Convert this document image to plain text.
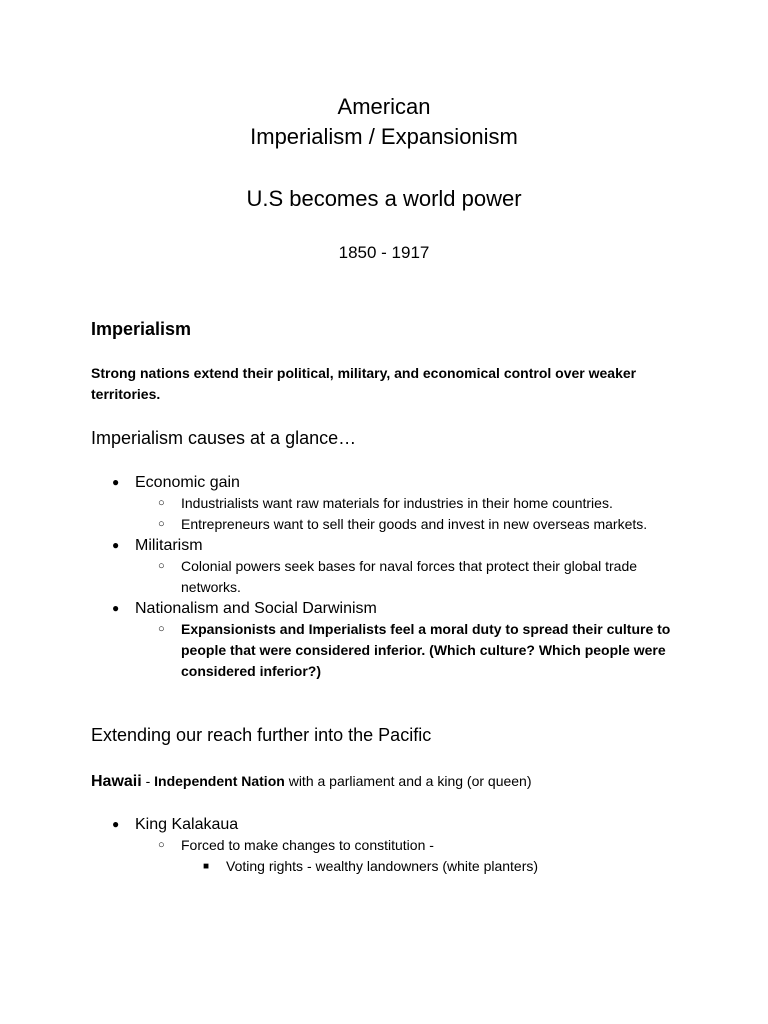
American
Imperialism / Expansionism
U.S becomes a world power
1850 - 1917
Imperialism
Strong nations extend their political, military, and economical control over weaker territories.
Imperialism causes at a glance…
● Economic gain
○ Industrialists want raw materials for industries in their home countries.
○ Entrepreneurs want to sell their goods and invest in new overseas markets.
● Militarism
○ Colonial powers seek bases for naval forces that protect their global trade networks.
● Nationalism and Social Darwinism
○ Expansionists and Imperialists feel a moral duty to spread their culture to people that were considered inferior. (Which culture? Which people were considered inferior?)
Extending our reach further into the Pacific
Hawaii - Independent Nation with a parliament and a king (or queen)
● King Kalakaua
○ Forced to make changes to constitution -
■ Voting rights - wealthy landowners (white planters)
